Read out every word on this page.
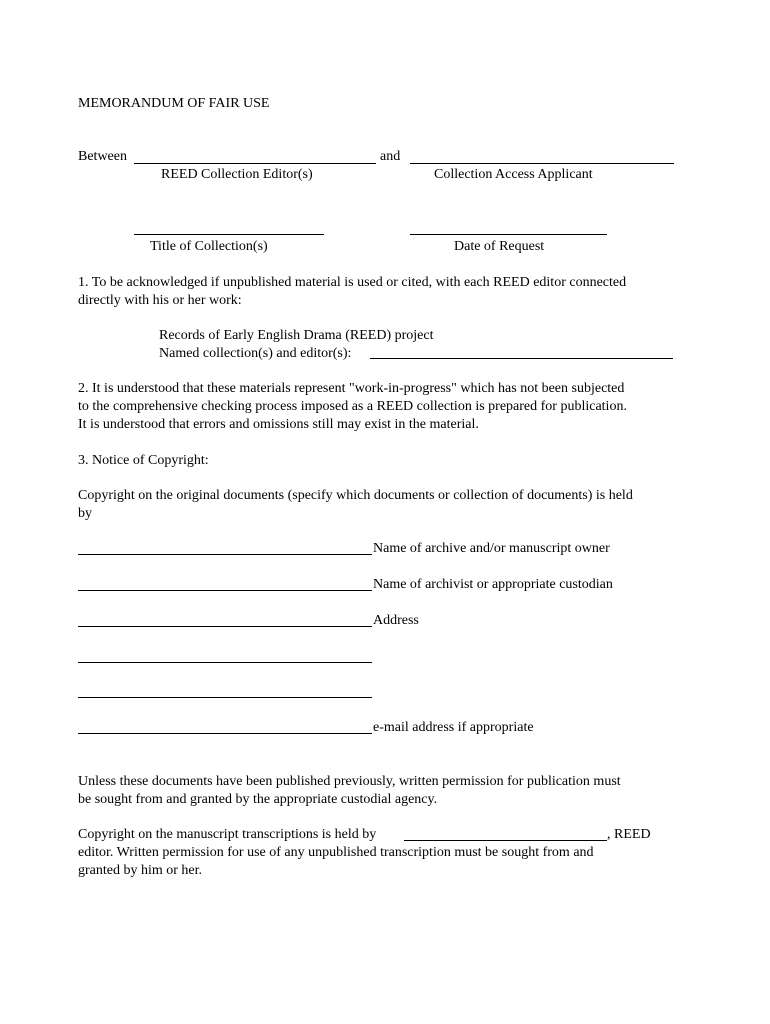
MEMORANDUM OF FAIR USE
Between	and
REED Collection Editor(s)	Collection Access Applicant
Title of Collection(s)	Date of Request
1. To be acknowledged if unpublished material is used or cited, with each REED editor connected
directly with his or her work:
Records of Early English Drama (REED) project
Named collection(s) and editor(s):
2. It is understood that these materials represent "work-in-progress" which has not been subjected
to the comprehensive checking process imposed as a REED collection is prepared for publication.
It is understood that errors and omissions still may exist in the material.
3. Notice of Copyright:
Copyright on the original documents (specify which documents or collection of documents) is held
by
Name of archive and/or manuscript owner
Name of archivist or appropriate custodian
Address
e-mail address if appropriate
Unless these documents have been published previously, written permission for publication must
be sought from and granted by the appropriate custodial agency.
Copyright on the manuscript transcriptions is held by	, REED
editor. Written permission for use of any unpublished transcription must be sought from and
granted by him or her.
